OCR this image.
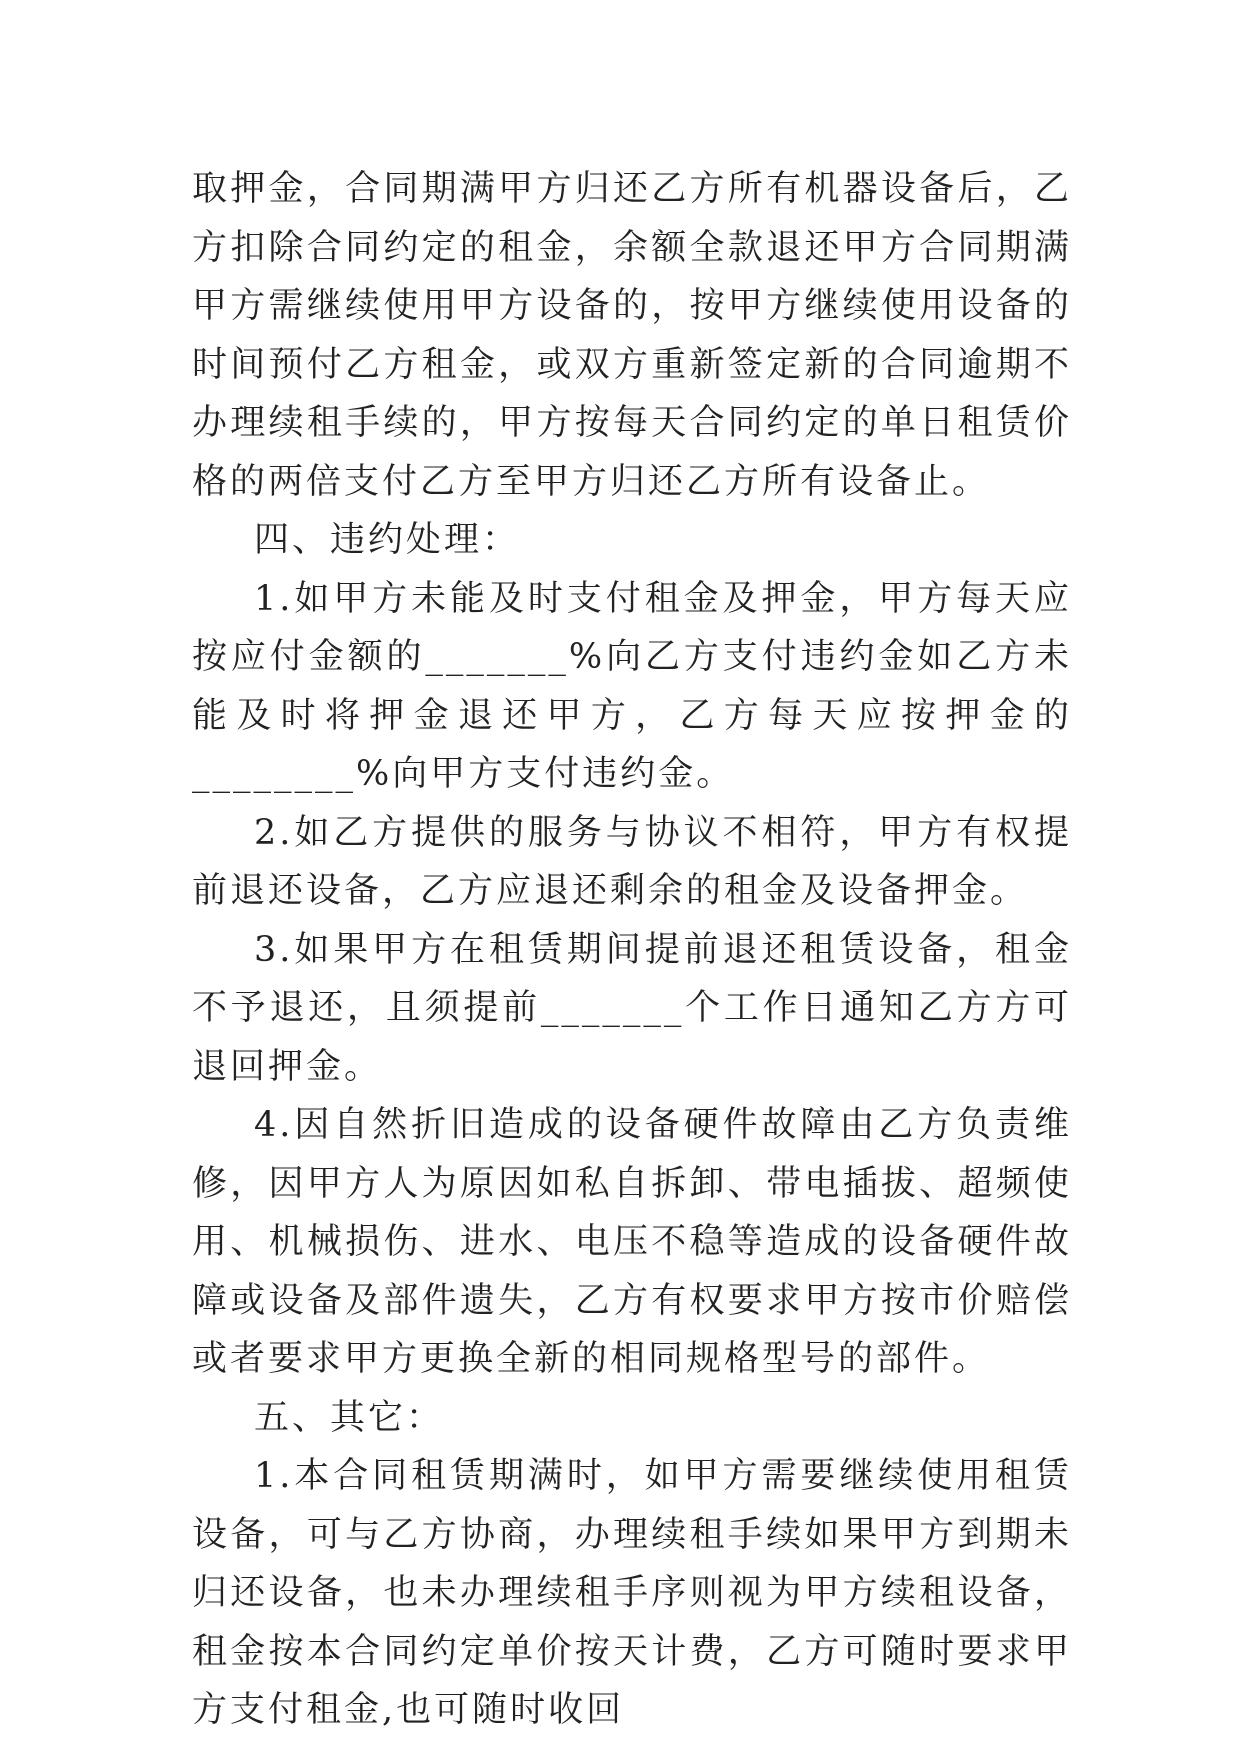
取押金，合同期满甲方归还乙方所有机器设备后，乙方扣除合同约定的租金，余额全款退还甲方合同期满甲方需继续使用甲方设备的，按甲方继续使用设备的时间预付乙方租金，或双方重新签定新的合同逾期不办理续租手续的，甲方按每天合同约定的单日租赁价格的两倍支付乙方至甲方归还乙方所有设备止。

四、违约处理：

1.如甲方未能及时支付租金及押金，甲方每天应按应付金额的_______%向乙方支付违约金如乙方未能及时将押金退还甲方，乙方每天应按押金的________%向甲方支付违约金。

2.如乙方提供的服务与协议不相符，甲方有权提前退还设备，乙方应退还剩余的租金及设备押金。

3.如果甲方在租赁期间提前退还租赁设备，租金不予退还，且须提前_______个工作日通知乙方方可退回押金。

4.因自然折旧造成的设备硬件故障由乙方负责维修，因甲方人为原因如私自拆卸、带电插拔、超频使用、机械损伤、进水、电压不稳等造成的设备硬件故障或设备及部件遗失，乙方有权要求甲方按市价赔偿或者要求甲方更换全新的相同规格型号的部件。

五、其它：

1.本合同租赁期满时，如甲方需要继续使用租赁设备，可与乙方协商，办理续租手续如果甲方到期未归还设备，也未办理续租手序则视为甲方续租设备，租金按本合同约定单价按天计费，乙方可随时要求甲方支付租金,也可随时收回
